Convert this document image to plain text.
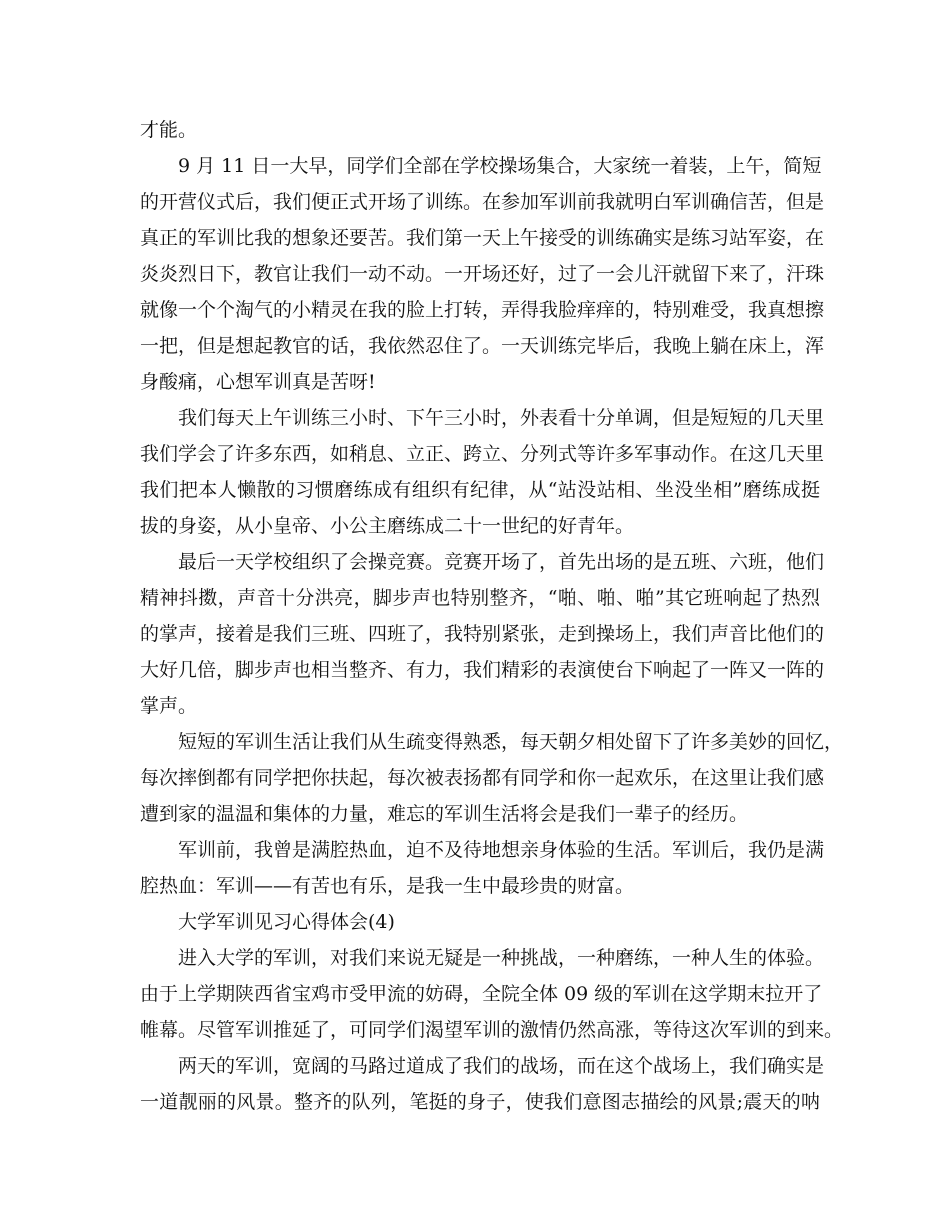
才能。
9 月 11 日一大早，同学们全部在学校操场集合，大家统一着装，上午，简短
的开营仪式后，我们便正式开场了训练。在参加军训前我就明白军训确信苦，但是
真正的军训比我的想象还要苦。我们第一天上午接受的训练确实是练习站军姿，在
炎炎烈日下，教官让我们一动不动。一开场还好，过了一会儿汗就留下来了，汗珠
就像一个个淘气的小精灵在我的脸上打转，弄得我脸痒痒的，特别难受，我真想擦
一把，但是想起教官的话，我依然忍住了。一天训练完毕后，我晚上躺在床上，浑
身酸痛，心想军训真是苦呀!
我们每天上午训练三小时、下午三小时，外表看十分单调，但是短短的几天里
我们学会了许多东西，如稍息、立正、跨立、分列式等许多军事动作。在这几天里
我们把本人懒散的习惯磨练成有组织有纪律，从“站没站相、坐没坐相”磨练成挺
拔的身姿，从小皇帝、小公主磨练成二十一世纪的好青年。
最后一天学校组织了会操竞赛。竞赛开场了，首先出场的是五班、六班，他们
精神抖擞，声音十分洪亮，脚步声也特别整齐，“啪、啪、啪”其它班响起了热烈
的掌声，接着是我们三班、四班了，我特别紧张，走到操场上，我们声音比他们的
大好几倍，脚步声也相当整齐、有力，我们精彩的表演使台下响起了一阵又一阵的
掌声。
短短的军训生活让我们从生疏变得熟悉，每天朝夕相处留下了许多美妙的回忆，
每次摔倒都有同学把你扶起，每次被表扬都有同学和你一起欢乐，在这里让我们感
遭到家的温温和集体的力量，难忘的军训生活将会是我们一辈子的经历。
军训前，我曾是满腔热血，迫不及待地想亲身体验的生活。军训后，我仍是满
腔热血：军训——有苦也有乐，是我一生中最珍贵的财富。
大学军训见习心得体会(4)
进入大学的军训，对我们来说无疑是一种挑战，一种磨练，一种人生的体验。
由于上学期陕西省宝鸡市受甲流的妨碍，全院全体 09 级的军训在这学期末拉开了
帷幕。尽管军训推延了，可同学们渴望军训的激情仍然高涨，等待这次军训的到来。
两天的军训，宽阔的马路过道成了我们的战场，而在这个战场上，我们确实是
一道靓丽的风景。整齐的队列，笔挺的身子，使我们意图志描绘的风景;震天的呐
